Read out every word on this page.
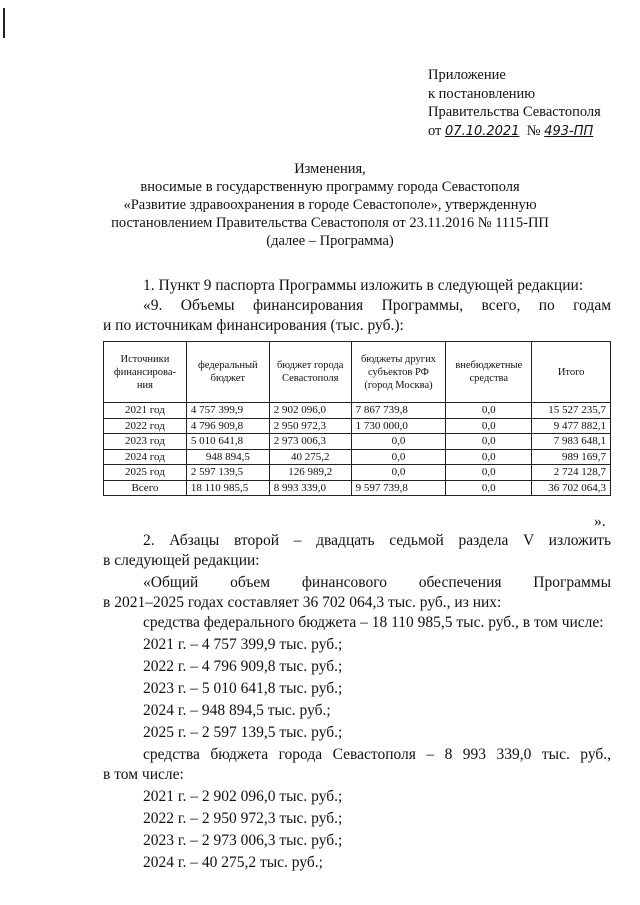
Приложение
к постановлению
Правительства Севастополя
от 07.10.2021 № 493-ПП
Изменения,
вносимые в государственную программу города Севастополя
«Развитие здравоохранения в городе Севастополе», утвержденную
постановлением Правительства Севастополя от 23.11.2016 № 1115-ПП
(далее – Программа)
1. Пункт 9 паспорта Программы изложить в следующей редакции:
«9. Объемы финансирования Программы, всего, по годам
и по источникам финансирования (тыс. руб.):
Источники финансирова-ния	федеральный бюджет	бюджет города Севастополя	бюджеты других субъектов РФ (город Москва)	внебюджетные средства	Итого
2021 год	4 757 399,9	2 902 096,0	7 867 739,8	0,0	15 527 235,7
2022 год	4 796 909,8	2 950 972,3	1 730 000,0	0,0	9 477 882,1
2023 год	5 010 641,8	2 973 006,3	0,0	0,0	7 983 648,1
2024 год	948 894,5	40 275,2	0,0	0,0	989 169,7
2025 год	2 597 139,5	126 989,2	0,0	0,0	2 724 128,7
Всего	18 110 985,5	8 993 339,0	9 597 739,8	0,0	36 702 064,3
».
2. Абзацы второй – двадцать седьмой раздела V изложить
в следующей редакции:
«Общий объем финансового обеспечения Программы
в 2021–2025 годах составляет 36 702 064,3 тыс. руб., из них:
средства федерального бюджета – 18 110 985,5 тыс. руб., в том числе:
2021 г. – 4 757 399,9 тыс. руб.;
2022 г. – 4 796 909,8 тыс. руб.;
2023 г. – 5 010 641,8 тыс. руб.;
2024 г. – 948 894,5 тыс. руб.;
2025 г. – 2 597 139,5 тыс. руб.;
средства бюджета города Севастополя – 8 993 339,0 тыс. руб.,
в том числе:
2021 г. – 2 902 096,0 тыс. руб.;
2022 г. – 2 950 972,3 тыс. руб.;
2023 г. – 2 973 006,3 тыс. руб.;
2024 г. – 40 275,2 тыс. руб.;
